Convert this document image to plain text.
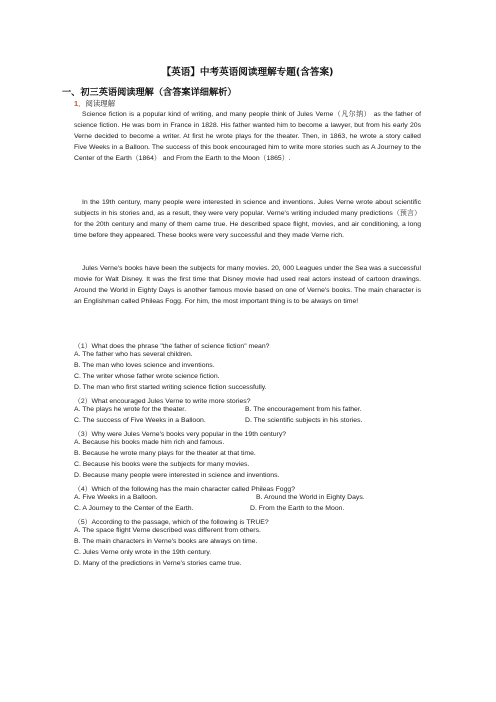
【英语】中考英语阅读理解专题(含答案)
一、初三英语阅读理解（含答案详细解析）
1．阅读理解

Science fiction is a popular kind of writing, and many people think of Jules Verne（凡尔纳） as the father of science fiction. He was born in France in 1828. His father wanted him to become a lawyer, but from his early 20s Verne decided to become a writer. At first he wrote plays for the theater. Then, in 1863, he wrote a story called Five Weeks in a Balloon. The success of this book encouraged him to write more stories such as A Journey to the Center of the Earth（1864） and From the Earth to the Moon（1865）.

In the 19th century, many people were interested in science and inventions. Jules Verne wrote about scientific subjects in his stories and, as a result, they were very popular. Verne's writing included many predictions（预言） for the 20th century and many of them came true. He described space flight, movies, and air conditioning, a long time before they appeared. These books were very successful and they made Verne rich.

Jules Verne's books have been the subjects for many movies. 20, 000 Leagues under the Sea was a successful movie for Walt Disney. It was the first time that Disney movie had used real actors instead of cartoon drawings. Around the World in Eighty Days is another famous movie based on one of Verne's books. The main character is an Englishman called Phileas Fogg. For him, the most important thing is to be always on time!

（1）What does the phrase "the father of science fiction" mean?
A. The father who has several children.
B. The man who loves science and inventions.
C. The writer whose father wrote science fiction.
D. The man who first started writing science fiction successfully.
（2）What encouraged Jules Verne to write more stories?
A. The plays he wrote for the theater.	B. The encouragement from his father.
C. The success of Five Weeks in a Balloon.	D. The scientific subjects in his stories.
（3）Why were Jules Verne's books very popular in the 19th century?
A. Because his books made him rich and famous.
B. Because he wrote many plays for the theater at that time.
C. Because his books were the subjects for many movies.
D. Because many people were interested in science and inventions.
（4）Which of the following has the main character called Phileas Fogg?
A. Five Weeks in a Balloon.	B. Around the World in Eighty Days.
C. A Journey to the Center of the Earth.	D. From the Earth to the Moon.
（5）According to the passage, which of the following is TRUE?
A. The space flight Verne described was different from others.
B. The main characters in Verne's books are always on time.
C. Jules Verne only wrote in the 19th century.
D. Many of the predictions in Verne's stories came true.
